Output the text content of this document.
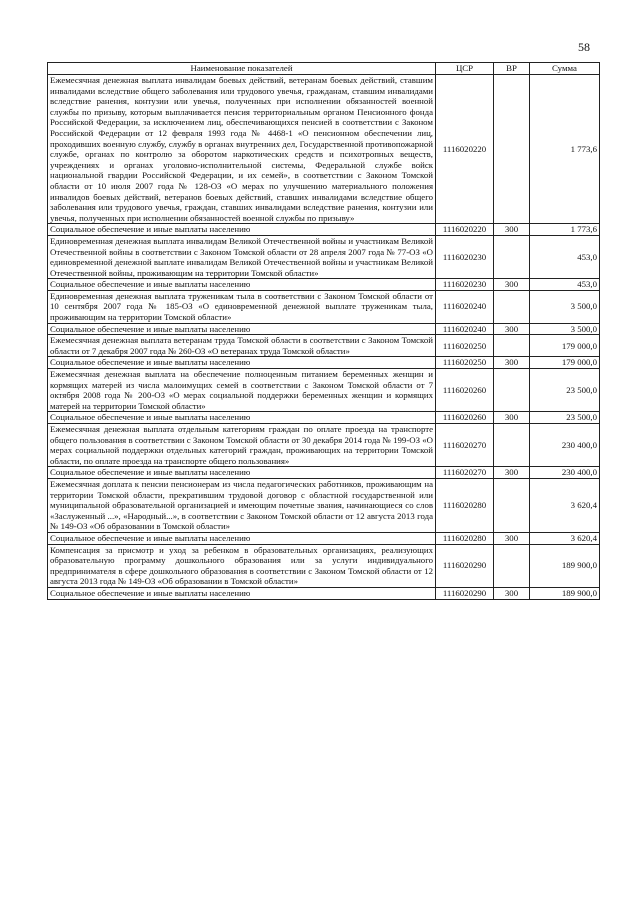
58
Наименование показателей	ЦСР	ВР	Сумма
Ежемесячная денежная выплата инвалидам боевых действий, ветеранам боевых действий, ставшим инвалидами вследствие общего заболевания или трудового увечья, гражданам, ставшим инвалидами вследствие ранения, контузии или увечья, полученных при исполнении обязанностей военной службы по призыву, которым выплачивается пенсия территориальным органом Пенсионного фонда Российской Федерации, за исключением лиц, обеспечивающихся пенсией в соответствии с Законом Российской Федерации от 12 февраля 1993 года № 4468-1 «О пенсионном обеспечении лиц, проходивших военную службу, службу в органах внутренних дел, Государственной противопожарной службе, органах по контролю за оборотом наркотических средств и психотропных веществ, учреждениях и органах уголовно-исполнительной системы, Федеральной службе войск национальной гвардии Российской Федерации, и их семей», в соответствии с Законом Томской области от 10 июля 2007 года № 128-ОЗ «О мерах по улучшению материального положения инвалидов боевых действий, ветеранов боевых действий, ставших инвалидами вследствие общего заболевания или трудового увечья, граждан, ставших инвалидами вследствие ранения, контузии или увечья, полученных при исполнении обязанностей военной службы по призыву»	1116020220		1 773,6
Социальное обеспечение и иные выплаты населению	1116020220	300	1 773,6
Единовременная денежная выплата инвалидам Великой Отечественной войны и участникам Великой Отечественной войны в соответствии с Законом Томской области от 28 апреля 2007 года № 77-ОЗ «О единовременной денежной выплате инвалидам Великой Отечественной войны и участникам Великой Отечественной войны, проживающим на территории Томской области»	1116020230		453,0
Социальное обеспечение и иные выплаты населению	1116020230	300	453,0
Единовременная денежная выплата труженикам тыла в соответствии с Законом Томской области от 10 сентября 2007 года № 185-ОЗ «О единовременной денежной выплате труженикам тыла, проживающим на территории Томской области»	1116020240		3 500,0
Социальное обеспечение и иные выплаты населению	1116020240	300	3 500,0
Ежемесячная денежная выплата ветеранам труда Томской области в соответствии с Законом Томской области от 7 декабря 2007 года № 260-ОЗ «О ветеранах труда Томской области»	1116020250		179 000,0
Социальное обеспечение и иные выплаты населению	1116020250	300	179 000,0
Ежемесячная денежная выплата на обеспечение полноценным питанием беременных женщин и кормящих матерей из числа малоимущих семей в соответствии с Законом Томской области от 7 октября 2008 года № 200-ОЗ «О мерах социальной поддержки беременных женщин и кормящих матерей на территории Томской области»	1116020260		23 500,0
Социальное обеспечение и иные выплаты населению	1116020260	300	23 500,0
Ежемесячная денежная выплата отдельным категориям граждан по оплате проезда на транспорте общего пользования в соответствии с Законом Томской области от 30 декабря 2014 года № 199-ОЗ «О мерах социальной поддержки отдельных категорий граждан, проживающих на территории Томской области, по оплате проезда на транспорте общего пользования»	1116020270		230 400,0
Социальное обеспечение и иные выплаты населению	1116020270	300	230 400,0
Ежемесячная доплата к пенсии пенсионерам из числа педагогических работников, проживающим на территории Томской области, прекратившим трудовой договор с областной государственной или муниципальной образовательной организацией и имеющим почетные звания, начинающиеся со слов «Заслуженный ...», «Народный...», в соответствии с Законом Томской области от 12 августа 2013 года № 149-ОЗ «Об образовании в Томской области»	1116020280		3 620,4
Социальное обеспечение и иные выплаты населению	1116020280	300	3 620,4
Компенсация за присмотр и уход за ребенком в образовательных организациях, реализующих образовательную программу дошкольного образования или за услуги индивидуального предпринимателя в сфере дошкольного образования в соответствии с Законом Томской области от 12 августа 2013 года № 149-ОЗ «Об образовании в Томской области»	1116020290		189 900,0
Социальное обеспечение и иные выплаты населению	1116020290	300	189 900,0
